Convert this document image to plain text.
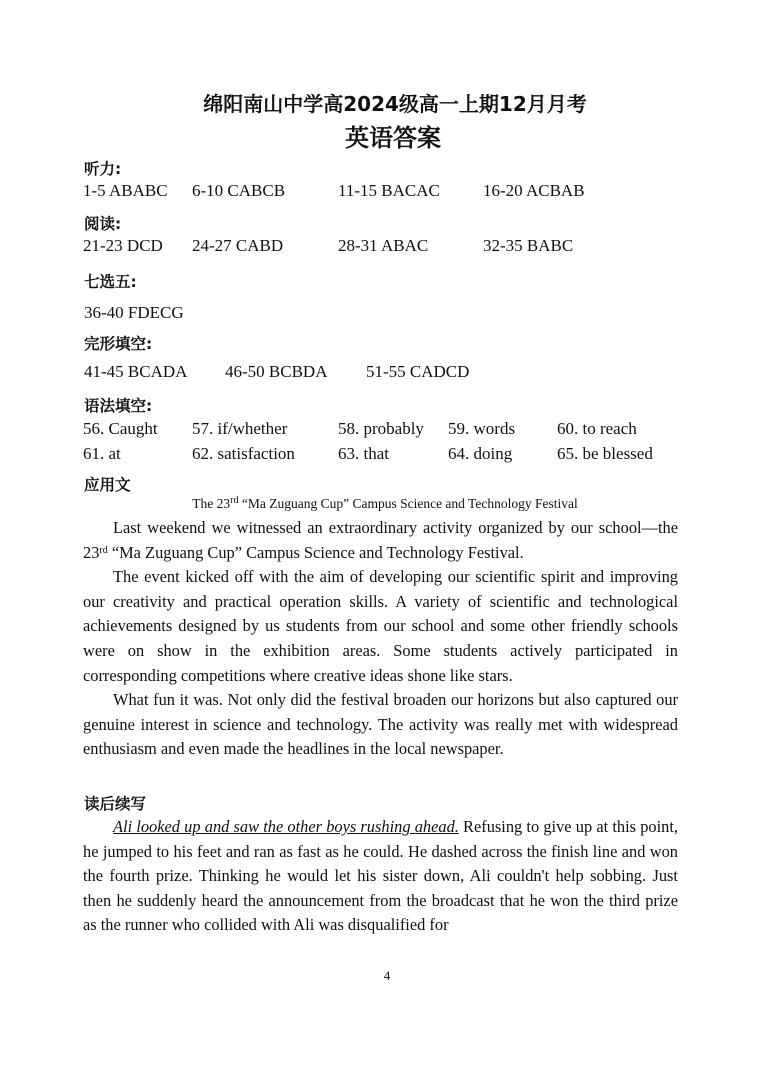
绵阳南山中学高2024级高一上期12月月考
英语答案
听力:
1-5 ABABC 6-10 CABCB	11-15 BACAC	16-20 ACBAB
阅读:
21-23 DCD 24-27 CABD	28-31 ABAC	32-35 BABC
七选五:
36-40 FDECG
完形填空:
41-45 BCADA 46-50 BCBDA 51-55 CADCD
语法填空:
56. Caught 57. if/whether	58. probably 59. words 60. to reach
61. at	62. satisfaction	63. that	64. doing	65. be blessed
应用文
The 23rd “Ma Zuguang Cup” Campus Science and Technology Festival

Last weekend we witnessed an extraordinary activity organized by our school—the 23rd “Ma Zuguang Cup” Campus Science and Technology Festival.

The event kicked off with the aim of developing our scientific spirit and improving our creativity and practical operation skills. A variety of scientific and technological achievements designed by us students from our school and some other friendly schools were on show in the exhibition areas. Some students actively participated in corresponding competitions where creative ideas shone like stars.

What fun it was. Not only did the festival broaden our horizons but also captured our genuine interest in science and technology. The activity was really met with widespread enthusiasm and even made the headlines in the local newspaper.

读后续写

Ali looked up and saw the other boys rushing ahead. Refusing to give up at this point, he jumped to his feet and ran as fast as he could. He dashed across the finish line and won the fourth prize. Thinking he would let his sister down, Ali couldn't help sobbing. Just then he suddenly heard the announcement from the broadcast that he won the third prize as the runner who collided with Ali was disqualified for

4
